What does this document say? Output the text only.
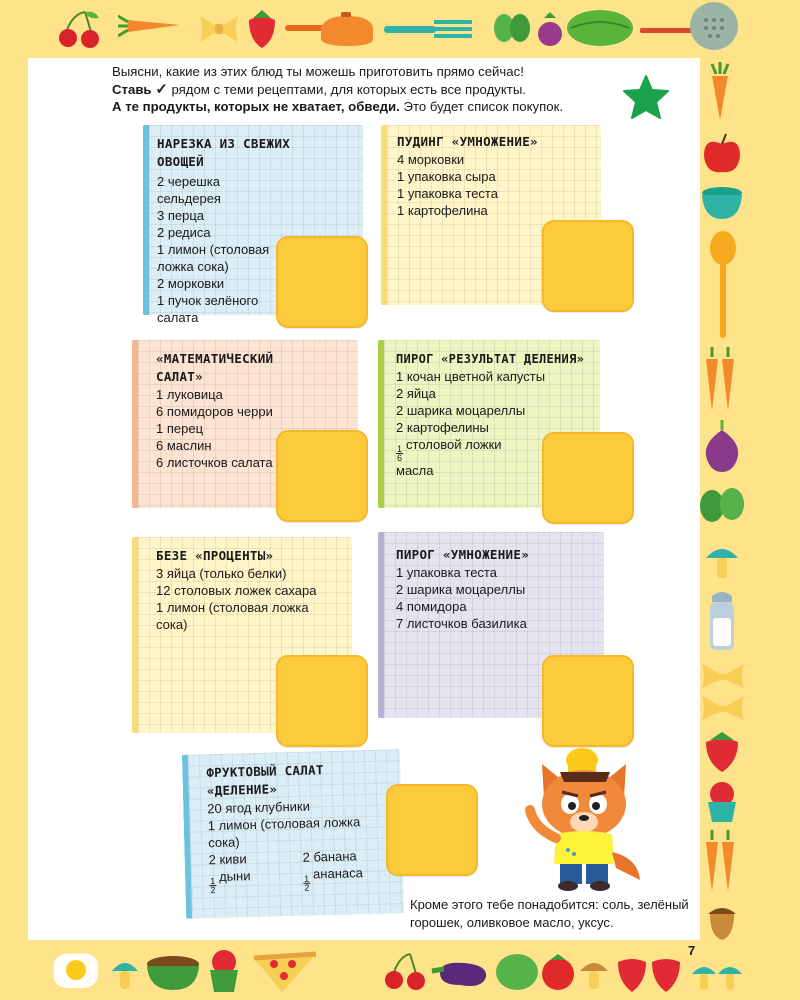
Выясни, какие из этих блюд ты можешь приготовить прямо сейчас!
Ставь ✓ рядом с теми рецептами, для которых есть все продукты.
А те продукты, которых не хватает, обведи. Это будет список покупок.
НАРЕЗКА ИЗ СВЕЖИХ ОВОЩЕЙ
2 черешка сельдерея
3 перца
2 редиса
1 лимон (столовая ложка сока)
2 морковки
1 пучок зелёного салата
ПУДИНГ «УМНОЖЕНИЕ»
4 морковки
1 упаковка сыра
1 упаковка теста
1 картофелина
«МАТЕМАТИЧЕСКИЙ САЛАТ»
1 луковица
6 помидоров черри
1 перец
6 маслин
6 листочков салата
ПИРОГ «РЕЗУЛЬТАТ ДЕЛЕНИЯ»
1 кочан цветной капусты
2 яйца
2 шарика моцареллы
2 картофелины
$\frac{1}{6}$
столовой ложки масла
БЕЗЕ «ПРОЦЕНТЫ»
3 яйца (только белки)
12 столовых ложек сахара
1 лимон (столовая ложка сока)
ПИРОГ «УМНОЖЕНИЕ»
1 упаковка теста
2 шарика моцареллы
4 помидора
7 листочков базилика
ФРУКТОВЫЙ САЛАТ «ДЕЛЕНИЕ»
20 ягод клубники
1 лимон (столовая ложка сока)
2 киви
$\frac{1}{2}$
дыни
2 банана
$\frac{1}{2}$
ананаса
Кроме этого тебе понадобится: соль, зелёный горошек, оливковое масло, уксус.
7
